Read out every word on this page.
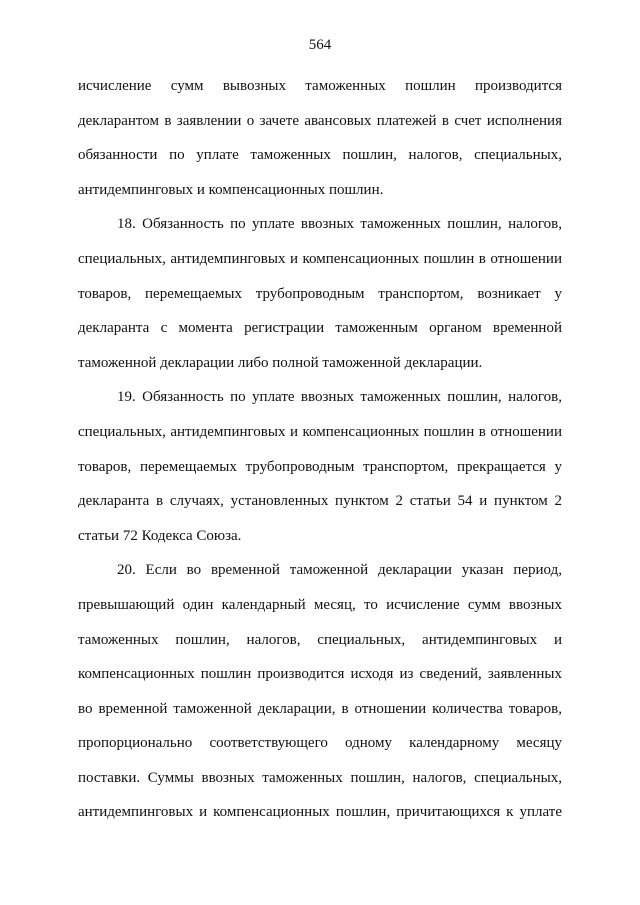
564
исчисление сумм вывозных таможенных пошлин производится
декларантом в заявлении о зачете авансовых платежей в счет исполнения
обязанности по уплате таможенных пошлин, налогов, специальных,
антидемпинговых и компенсационных пошлин.
18. Обязанность по уплате ввозных таможенных пошлин, налогов,
специальных, антидемпинговых и компенсационных пошлин в отношении
товаров, перемещаемых трубопроводным транспортом, возникает у
декларанта с момента регистрации таможенным органом временной
таможенной декларации либо полной таможенной декларации.
19. Обязанность по уплате ввозных таможенных пошлин, налогов,
специальных, антидемпинговых и компенсационных пошлин в отношении
товаров, перемещаемых трубопроводным транспортом, прекращается у
декларанта в случаях, установленных пунктом 2 статьи 54 и пунктом 2
статьи 72 Кодекса Союза.
20. Если во временной таможенной декларации указан период,
превышающий один календарный месяц, то исчисление сумм ввозных
таможенных пошлин, налогов, специальных, антидемпинговых и
компенсационных пошлин производится исходя из сведений, заявленных
во временной таможенной декларации, в отношении количества товаров,
пропорционально соответствующего одному календарному месяцу
поставки. Суммы ввозных таможенных пошлин, налогов, специальных,
антидемпинговых и компенсационных пошлин, причитающихся к уплате
